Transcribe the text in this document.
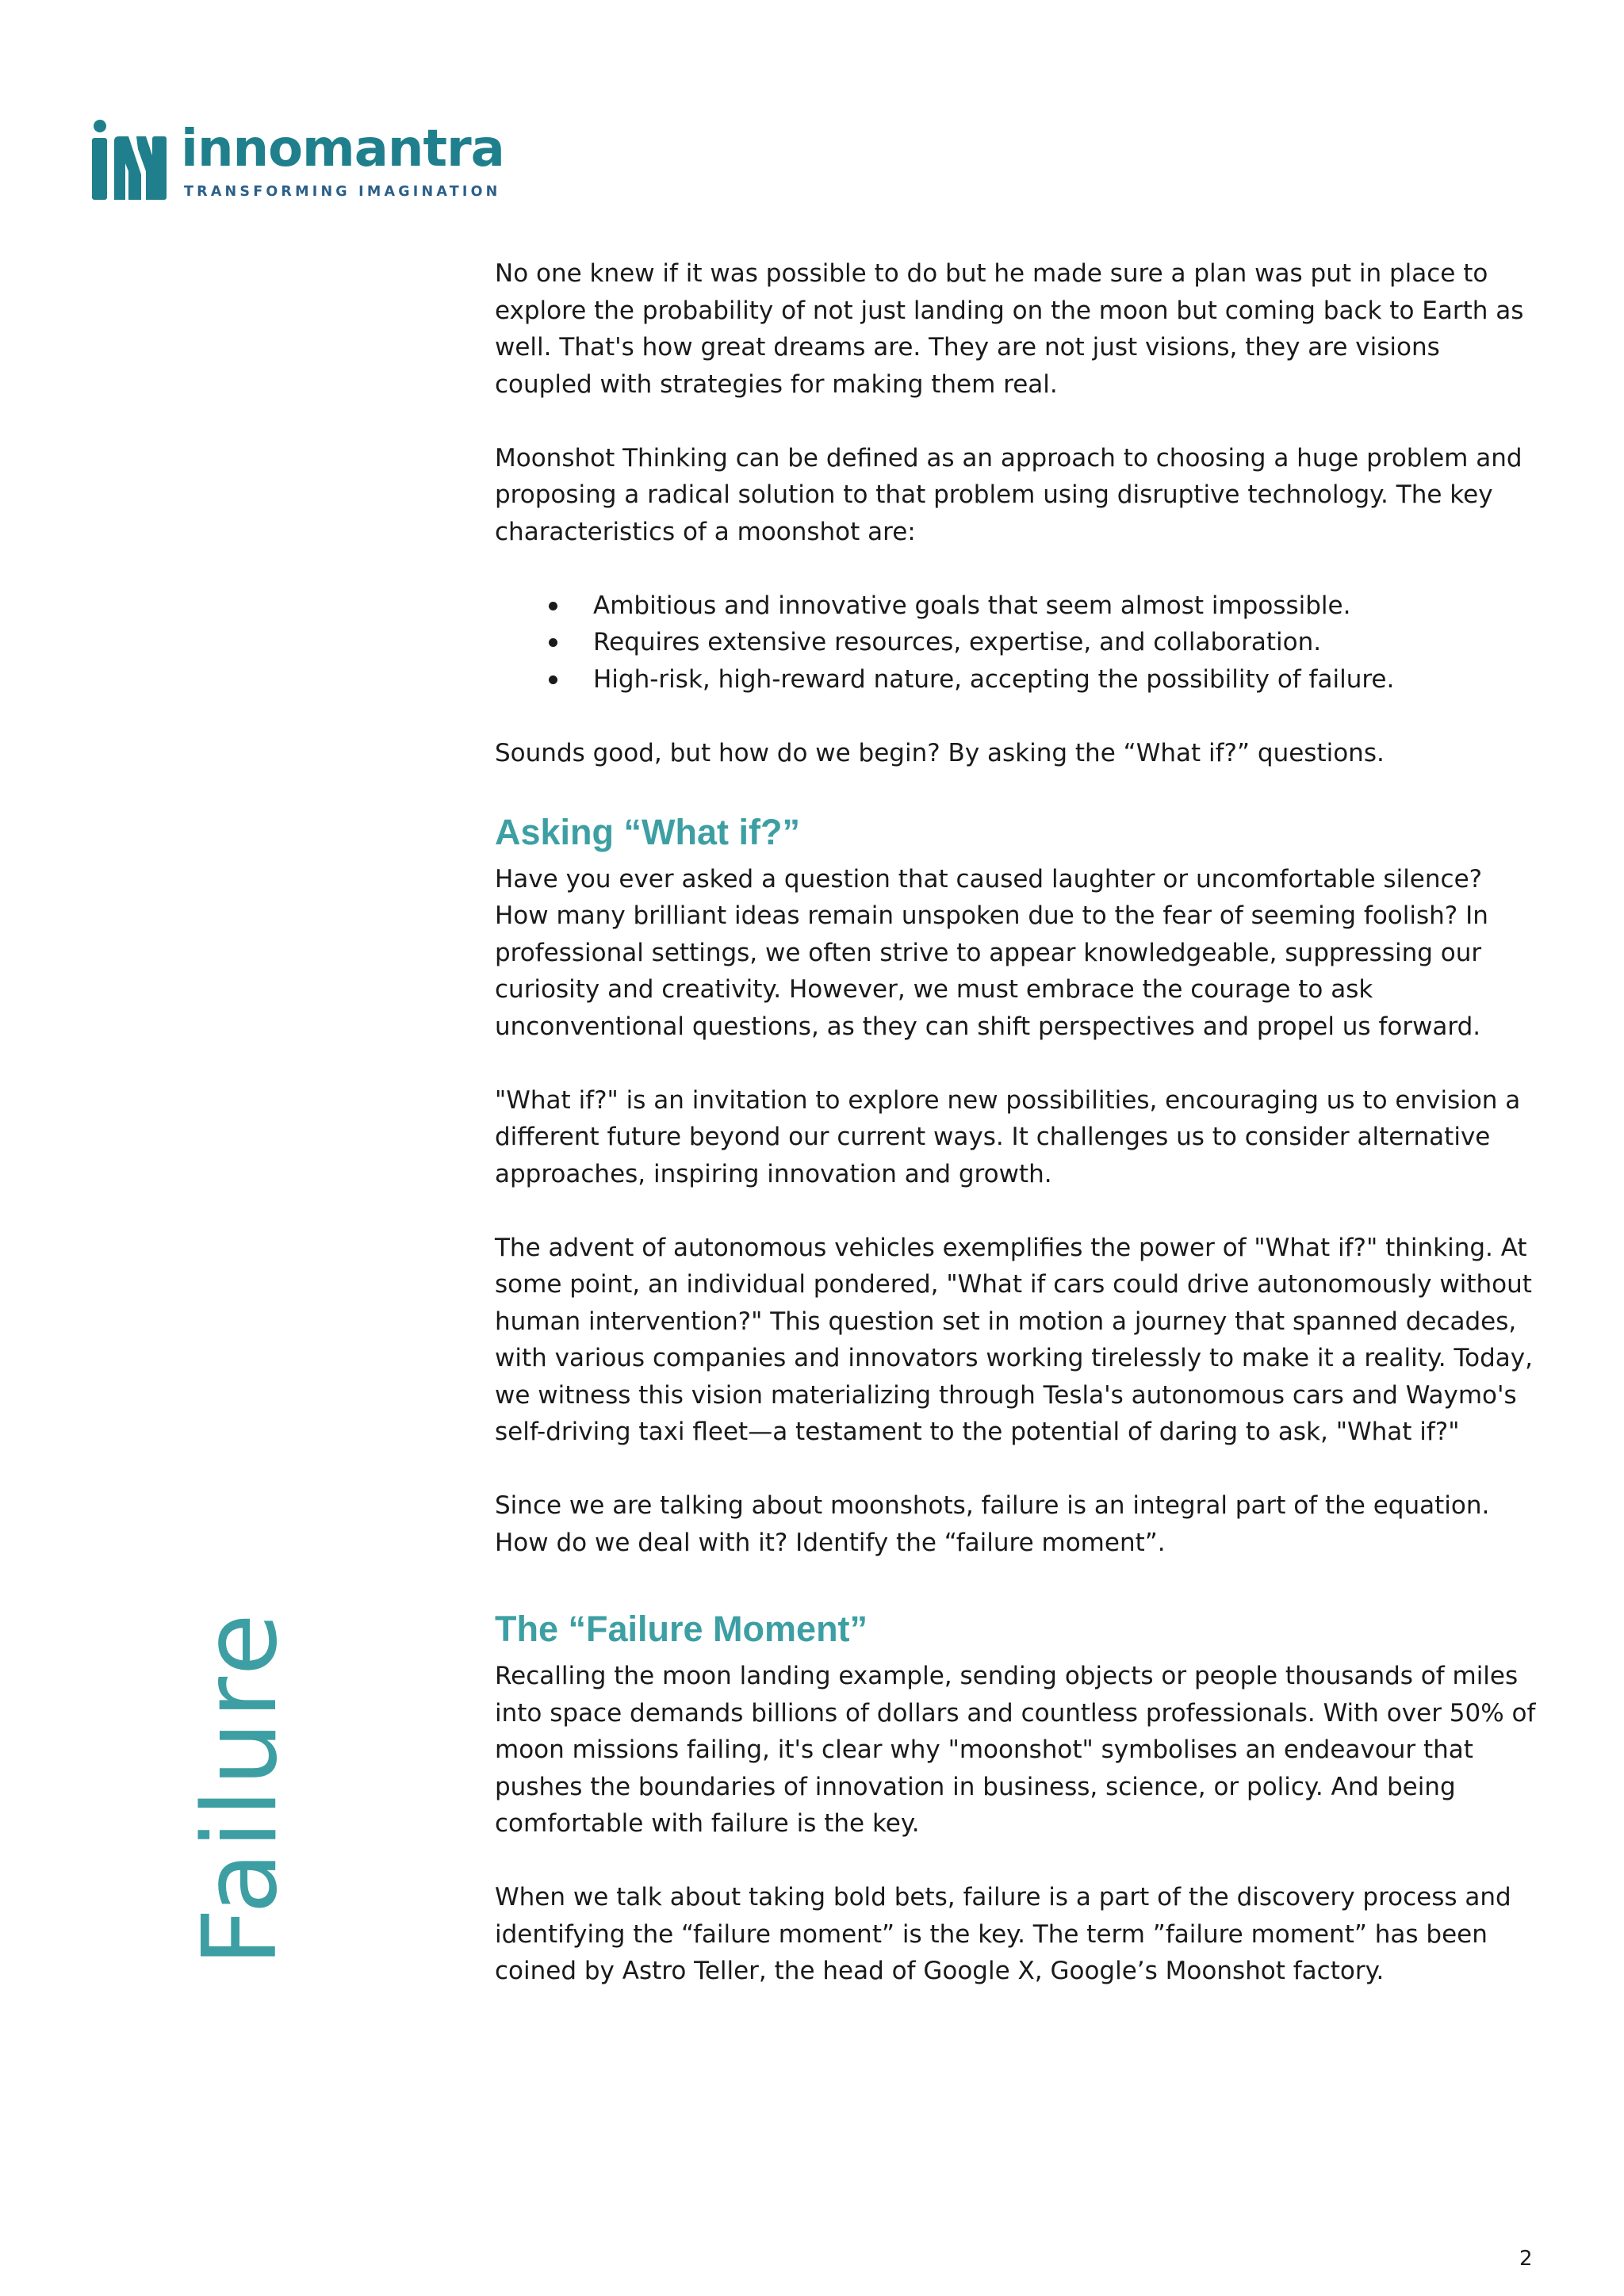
innomantra
TRANSFORMING IMAGINATION
Failure

No one knew if it was possible to do but he made sure a plan was put in place to explore the probability of not just landing on the moon but coming back to Earth as well. That's how great dreams are. They are not just visions, they are visions coupled with strategies for making them real.

Moonshot Thinking can be defined as an approach to choosing a huge problem and proposing a radical solution to that problem using disruptive technology. The key characteristics of a moonshot are:

Ambitious and innovative goals that seem almost impossible.
Requires extensive resources, expertise, and collaboration.
High-risk, high-reward nature, accepting the possibility of failure.

Sounds good, but how do we begin? By asking the “What if?” questions.

Asking “What if?”

Have you ever asked a question that caused laughter or uncomfortable silence? How many brilliant ideas remain unspoken due to the fear of seeming foolish? In professional settings, we often strive to appear knowledgeable, suppressing our curiosity and creativity. However, we must embrace the courage to ask unconventional questions, as they can shift perspectives and propel us forward.

"What if?" is an invitation to explore new possibilities, encouraging us to envision a different future beyond our current ways. It challenges us to consider alternative approaches, inspiring innovation and growth.

The advent of autonomous vehicles exemplifies the power of "What if?" thinking. At some point, an individual pondered, "What if cars could drive autonomously without human intervention?" This question set in motion a journey that spanned decades, with various companies and innovators working tirelessly to make it a reality. Today, we witness this vision materializing through Tesla's autonomous cars and Waymo's self-driving taxi fleet—a testament to the potential of daring to ask, "What if?"

Since we are talking about moonshots, failure is an integral part of the equation. How do we deal with it? Identify the “failure moment”.

The “Failure Moment”

Recalling the moon landing example, sending objects or people thousands of miles into space demands billions of dollars and countless professionals. With over 50% of moon missions failing, it's clear why "moonshot" symbolises an endeavour that pushes the boundaries of innovation in business, science, or policy. And being comfortable with failure is the key.

When we talk about taking bold bets, failure is a part of the discovery process and identifying the “failure moment” is the key. The term ”failure moment” has been coined by Astro Teller, the head of Google X, Google’s Moonshot factory.

2
